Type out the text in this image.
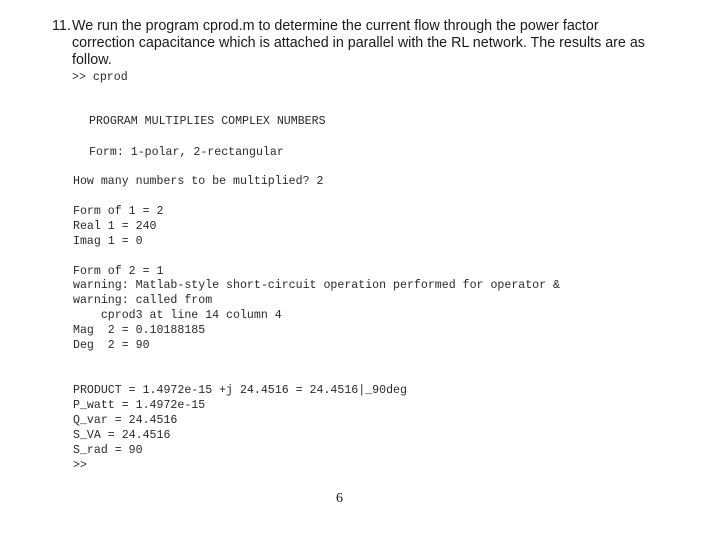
11. We run the program cprod.m to determine the current flow through the power factor correction capacitance which is attached in parallel with the RL network. The results are as follow.
>> cprod
PROGRAM MULTIPLIES COMPLEX NUMBERS
Form: 1-polar, 2-rectangular
How many numbers to be multiplied? 2
Form of 1 = 2
Real 1 = 240
Imag 1 = 0
Form of 2 = 1
warning: Matlab-style short-circuit operation performed for operator &
warning: called from
cprod3 at line 14 column 4
Mag  2 = 0.10188185
Deg  2 = 90
PRODUCT = 1.4972e-15 +j 24.4516 = 24.4516|_90deg
P_watt = 1.4972e-15
Q_var = 24.4516
S_VA = 24.4516
S_rad = 90
>>
6
